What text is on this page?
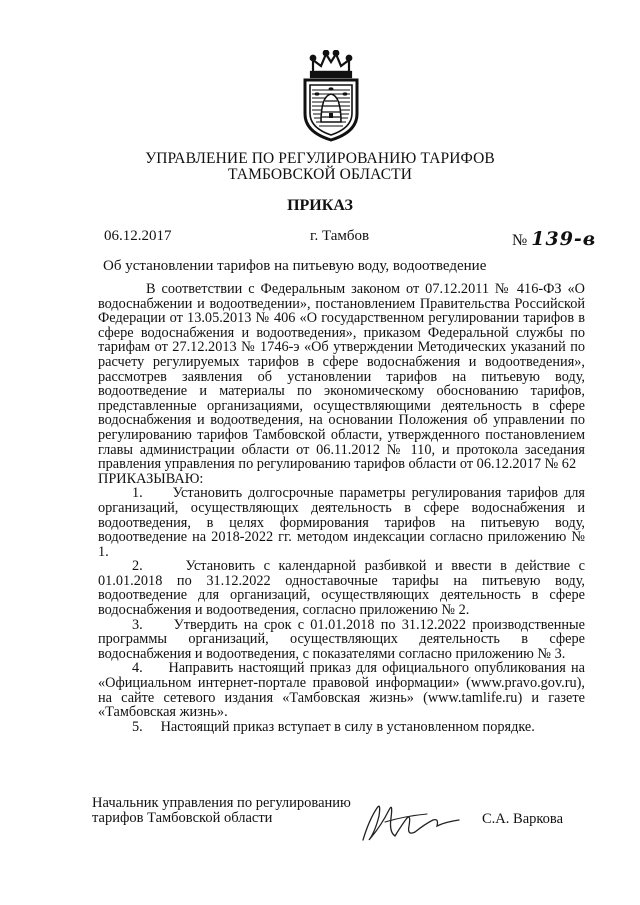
УПРАВЛЕНИЕ ПО РЕГУЛИРОВАНИЮ ТАРИФОВ
ТАМБОВСКОЙ ОБЛАСТИ
ПРИКАЗ
06.12.2017	г. Тамбов	№ 139-в
Об установлении тарифов на питьевую воду, водоотведение

В соответствии с Федеральным законом от 07.12.2011 № 416-ФЗ «О водоснабжении и водоотведении», постановлением Правительства Российской Федерации от 13.05.2013 № 406 «О государственном регулировании тарифов в сфере водоснабжения и водоотведения», приказом Федеральной службы по тарифам от 27.12.2013 № 1746-э «Об утверждении Методических указаний по расчету регулируемых тарифов в сфере водоснабжения и водоотведения», рассмотрев заявления об установлении тарифов на питьевую воду, водоотведение и материалы по экономическому обоснованию тарифов, представленные организациями, осуществляющими деятельность в сфере водоснабжения и водоотведения, на основании Положения об управлении по регулированию тарифов Тамбовской области, утвержденного постановлением главы администрации области от 06.11.2012 № 110, и протокола заседания правления управления по регулированию тарифов области от 06.12.2017 № 62

ПРИКАЗЫВАЮ:

1.     Установить долгосрочные параметры регулирования тарифов для организаций, осуществляющих деятельность в сфере водоснабжения и водоотведения, в целях формирования тарифов на питьевую воду, водоотведение на 2018-2022 гг. методом индексации согласно приложению № 1.

2.     Установить с календарной разбивкой и ввести в действие с 01.01.2018 по 31.12.2022 одноставочные тарифы на питьевую воду, водоотведение для организаций, осуществляющих деятельность в сфере водоснабжения и водоотведения, согласно приложению № 2.

3.     Утвердить на срок с 01.01.2018 по 31.12.2022 производственные программы организаций, осуществляющих деятельность в сфере водоснабжения и водоотведения, с показателями согласно приложению № 3.

4.     Направить настоящий приказ для официального опубликования на «Официальном интернет-портале правовой информации» (www.pravo.gov.ru), на сайте сетевого издания «Тамбовская жизнь» (www.tamlife.ru) и газете «Тамбовская жизнь».

5.     Настоящий приказ вступает в силу в установленном порядке.

Начальник управления по регулированию
тарифов Тамбовской области	С.А. Варкова
